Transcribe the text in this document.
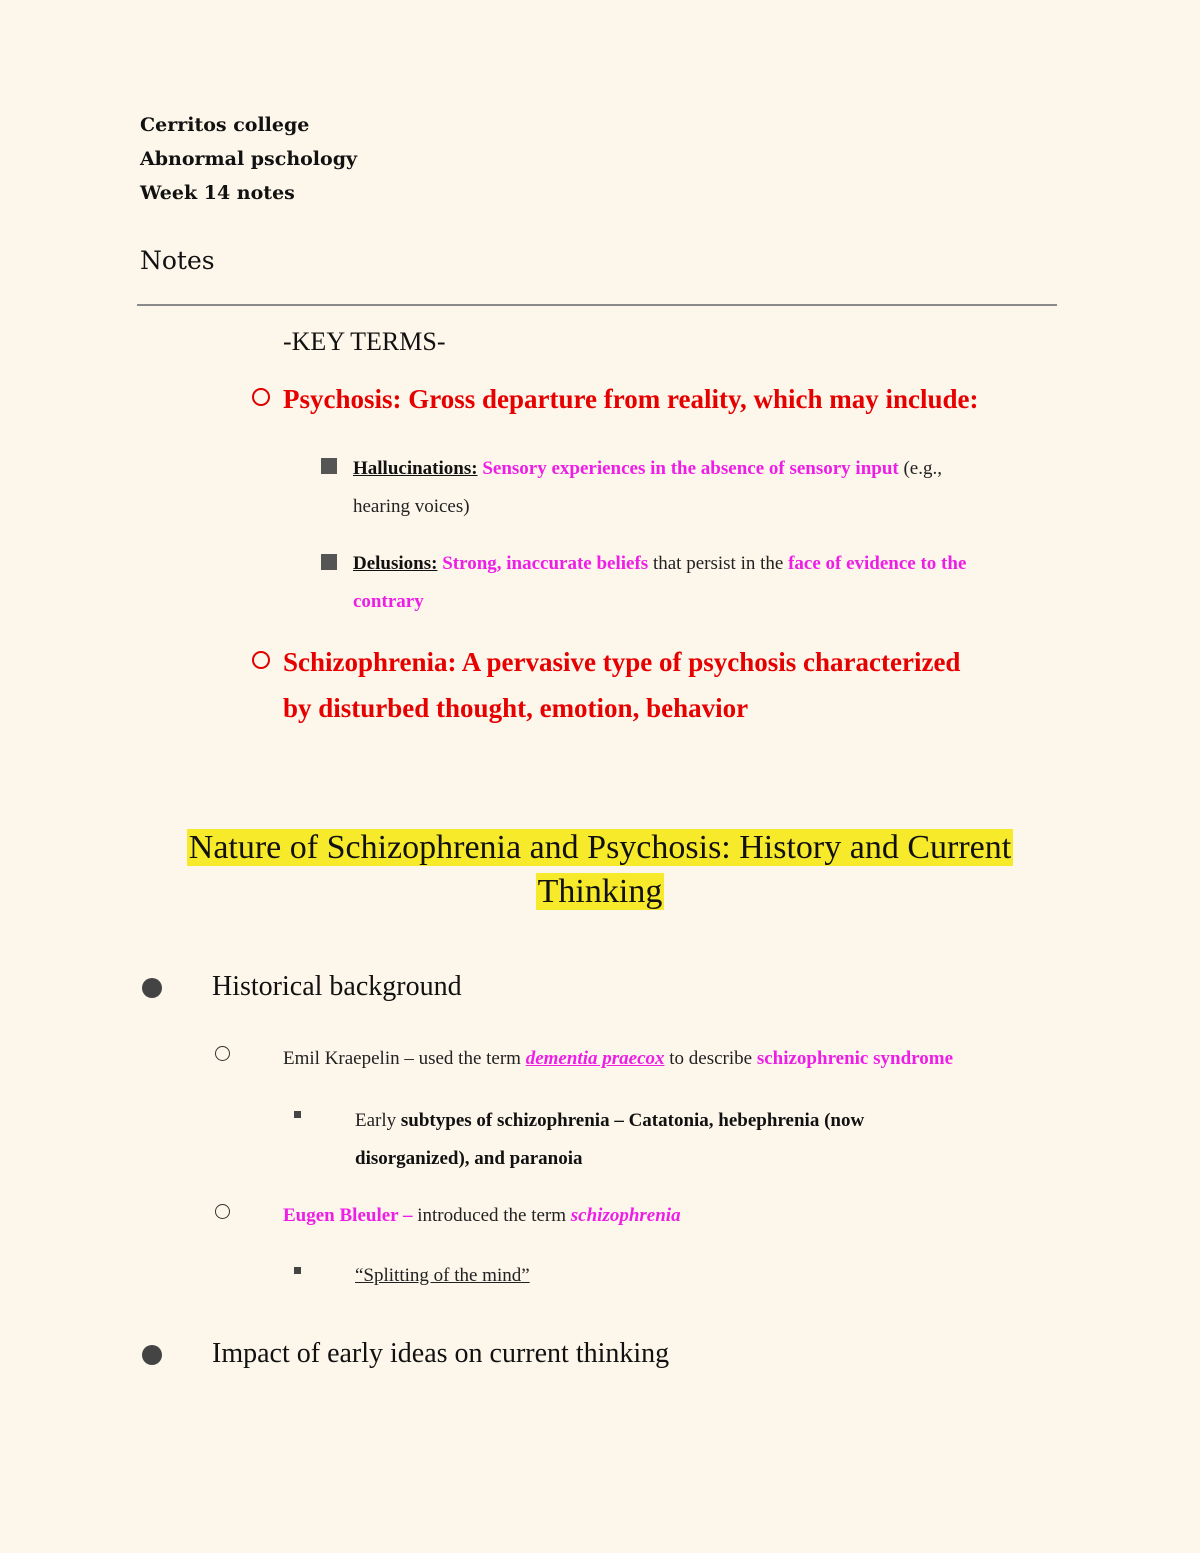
Cerritos college
Abnormal pschology
Week 14 notes
Notes
-KEY TERMS-
Psychosis: Gross departure from reality, which may include:
Hallucinations: Sensory experiences in the absence of sensory input (e.g.,
hearing voices)
Delusions: Strong, inaccurate beliefs that persist in the face of evidence to the
contrary
Schizophrenia: A pervasive type of psychosis characterized
by disturbed thought, emotion, behavior
Nature of Schizophrenia and Psychosis: History and Current Thinking
Historical background
Emil Kraepelin – used the term dementia praecox to describe schizophrenic syndrome
Early subtypes of schizophrenia – Catatonia, hebephrenia (now
disorganized), and paranoia
Eugen Bleuler – introduced the term schizophrenia
“Splitting of the mind”
Impact of early ideas on current thinking
